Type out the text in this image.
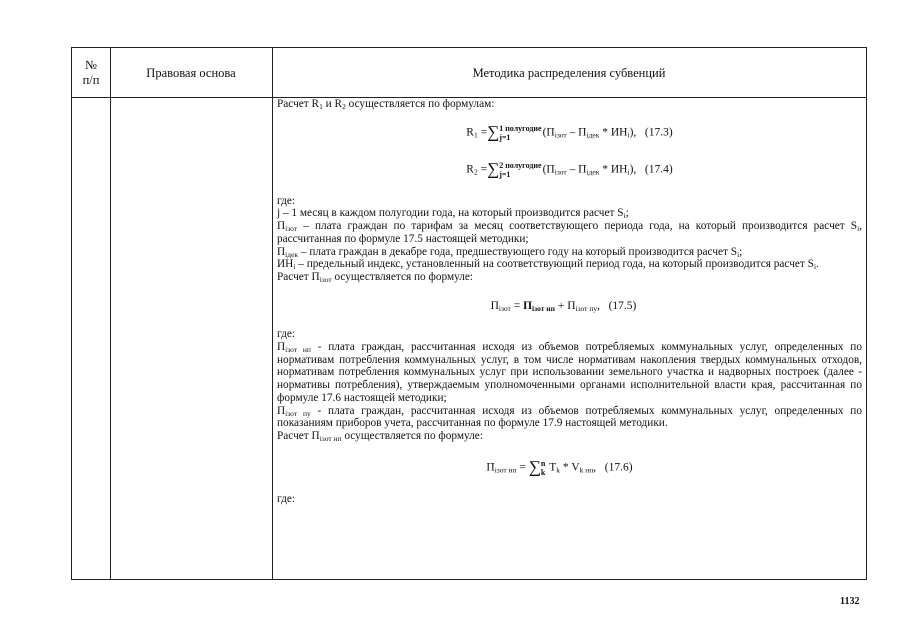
№ п/п	Правовая основа	Методика распределения субвенций

Расчет $R_1$ и $R_2$ осуществляется по формулам:

$R_1 =\sum 1$ полугодие
j=1	$(П_{iзот} - П_{iдек} * ИН_i)$, (17.3)
$R_2 =\sum 2$ полугодие
j=1	$(П_{iзот} - П_{iдек} * ИН_i)$, (17.4)

где:

j – 1 месяц в каждом полугодии года, на который производится расчет $S_i$;

$П_{iзот}$ – плата граждан по тарифам за месяц соответствующего периода года, на который производится расчет $S_i$, рассчитанная по формуле 17.5 настоящей методики;

$П_{iдек}$ – плата граждан в декабре года, предшествующего году на который производится расчет $S_i$;

$ИН_i$ – предельный индекс, установленный на соответствующий период года, на который производится расчет $S_i$.

Расчет $П_{iзот}$ осуществляется по формуле:

$П_{iзот} = П_{iзот нп} + П_{iзот пу}$, (17.5)

где:

$П_{iзот нп}$ - плата граждан, рассчитанная исходя из объемов потребляемых коммунальных услуг, определенных по нормативам потребления коммунальных услуг, в том числе нормативам накопления твердых коммунальных отходов, нормативам потребления коммунальных услуг при использовании земельного участка и надворных построек (далее - нормативы потребления), утверждаемым уполномоченными органами исполнительной власти края, рассчитанная по формуле 17.6 настоящей методики;

$П_{iзот пу}$ - плата граждан, рассчитанная исходя из объемов потребляемых коммунальных услуг, определенных по показаниям приборов учета, рассчитанная по формуле 17.9 настоящей методики.

Расчет $П_{iзот нп}$ осуществляется по формуле:

$П_{iзот нп} = \sum n$
k $T_k * V_{k нп}$, (17.6)

где:

1132
